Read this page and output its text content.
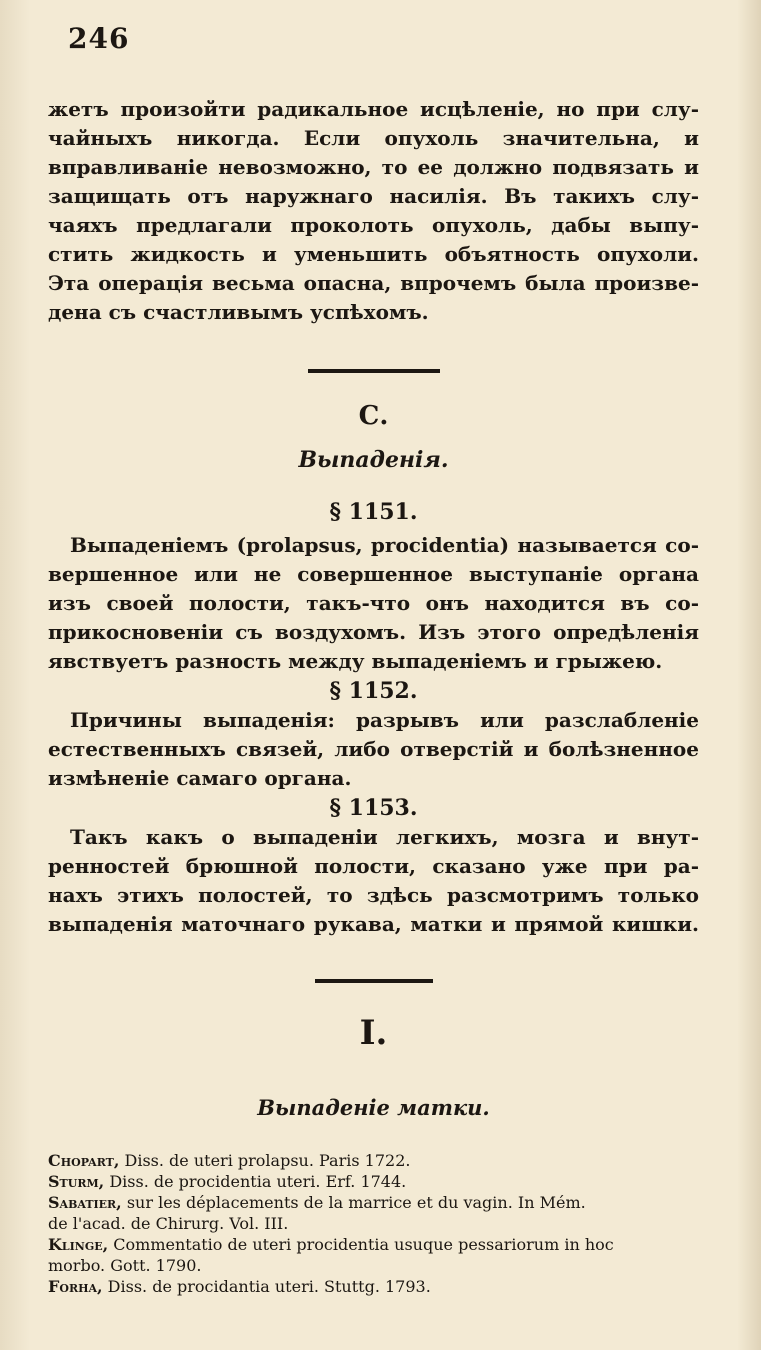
246
жетъ произойти радикальное исцѣленіе, но при слу-
чайныхъ никогда. Если опухоль значительна, и
вправливаніе невозможно, то ее должно подвязать и
защищать отъ наружнаго насилія. Въ такихъ слу-
чаяхъ предлагали проколоть опухоль, дабы выпу-
стить жидкость и уменьшить объятность опухоли.
Эта операція весьма опасна, впрочемъ была произве-
дена съ счастливымъ успѣхомъ.
С.
Выпаденія.
§ 1151.
Выпаденіемъ (prolapsus, procidentia) называется со-
вершенное или не совершенное выступаніе органа
изъ своей полости, такъ-что онъ находится въ со-
прикосновеніи съ воздухомъ. Изъ этого опредѣленія
явствуетъ разность между выпаденіемъ и грыжею.
§ 1152.
Причины выпаденія: разрывъ или разслабленіе
естественныхъ связей, либо отверстій и болѣзненное
измѣненіе самаго органа.
§ 1153.
Такъ какъ о выпаденіи легкихъ, мозга и внут-
ренностей брюшной полости, сказано уже при ра-
нахъ этихъ полостей, то здѣсь разсмотримъ только
выпаденія маточнаго рукава, матки и прямой кишки.
I.
Выпаденіе матки.
Chopart, Diss. de uteri prolapsu. Paris 1722.
Sturm, Diss. de procidentia uteri. Erf. 1744.
Sabatier, sur les déplacements de la marrice et du vagin. In Mém.
de l'acad. de Chirurg. Vol. III.
Klinge, Commentatio de uteri procidentia usuque pessariorum in hoc
morbo. Gott. 1790.
Forha, Diss. de procidantia uteri. Stuttg. 1793.
